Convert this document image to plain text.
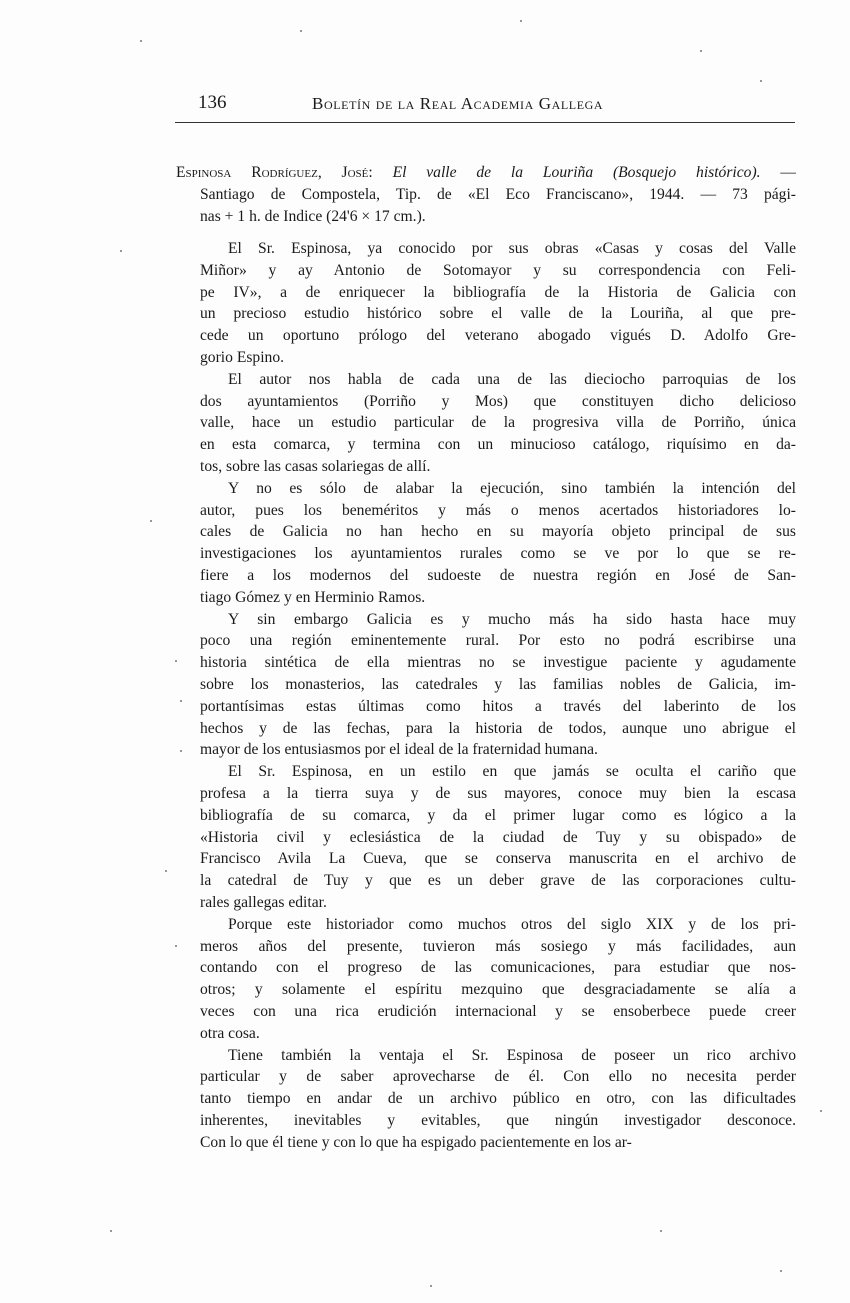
136	Boletín de la Real Academia Gallega
Espinosa Rodríguez, José: El valle de la Louriña (Bosquejo histórico). —
Santiago de Compostela, Tip. de «El Eco Franciscano», 1944. — 73 pági-
nas + 1 h. de Indice (24'6 × 17 cm.).
El Sr. Espinosa, ya conocido por sus obras «Casas y cosas del Valle
Miñor» y ay Antonio de Sotomayor y su correspondencia con Feli-
pe IV», a de enriquecer la bibliografía de la Historia de Galicia con
un precioso estudio histórico sobre el valle de la Louriña, al que pre-
cede un oportuno prólogo del veterano abogado vigués D. Adolfo Gre-
gorio Espino.
El autor nos habla de cada una de las dieciocho parroquias de los
dos ayuntamientos (Porriño y Mos) que constituyen dicho delicioso
valle, hace un estudio particular de la progresiva villa de Porriño, única
en esta comarca, y termina con un minucioso catálogo, riquísimo en da-
tos, sobre las casas solariegas de allí.
Y no es sólo de alabar la ejecución, sino también la intención del
autor, pues los beneméritos y más o menos acertados historiadores lo-
cales de Galicia no han hecho en su mayoría objeto principal de sus
investigaciones los ayuntamientos rurales como se ve por lo que se re-
fiere a los modernos del sudoeste de nuestra región en José de San-
tiago Gómez y en Herminio Ramos.
Y sin embargo Galicia es y mucho más ha sido hasta hace muy
poco una región eminentemente rural. Por esto no podrá escribirse una
historia sintética de ella mientras no se investigue paciente y agudamente
sobre los monasterios, las catedrales y las familias nobles de Galicia, im-
portantísimas estas últimas como hitos a través del laberinto de los
hechos y de las fechas, para la historia de todos, aunque uno abrigue el
mayor de los entusiasmos por el ideal de la fraternidad humana.
El Sr. Espinosa, en un estilo en que jamás se oculta el cariño que
profesa a la tierra suya y de sus mayores, conoce muy bien la escasa
bibliografía de su comarca, y da el primer lugar como es lógico a la
«Historia civil y eclesiástica de la ciudad de Tuy y su obispado» de
Francisco Avila La Cueva, que se conserva manuscrita en el archivo de
la catedral de Tuy y que es un deber grave de las corporaciones cultu-
rales gallegas editar.
Porque este historiador como muchos otros del siglo XIX y de los pri-
meros años del presente, tuvieron más sosiego y más facilidades, aun
contando con el progreso de las comunicaciones, para estudiar que nos-
otros; y solamente el espíritu mezquino que desgraciadamente se alía a
veces con una rica erudición internacional y se ensoberbece puede creer
otra cosa.
Tiene también la ventaja el Sr. Espinosa de poseer un rico archivo
particular y de saber aprovecharse de él. Con ello no necesita perder
tanto tiempo en andar de un archivo público en otro, con las dificultades
inherentes, inevitables y evitables, que ningún investigador desconoce.
Con lo que él tiene y con lo que ha espigado pacientemente en los ar-
